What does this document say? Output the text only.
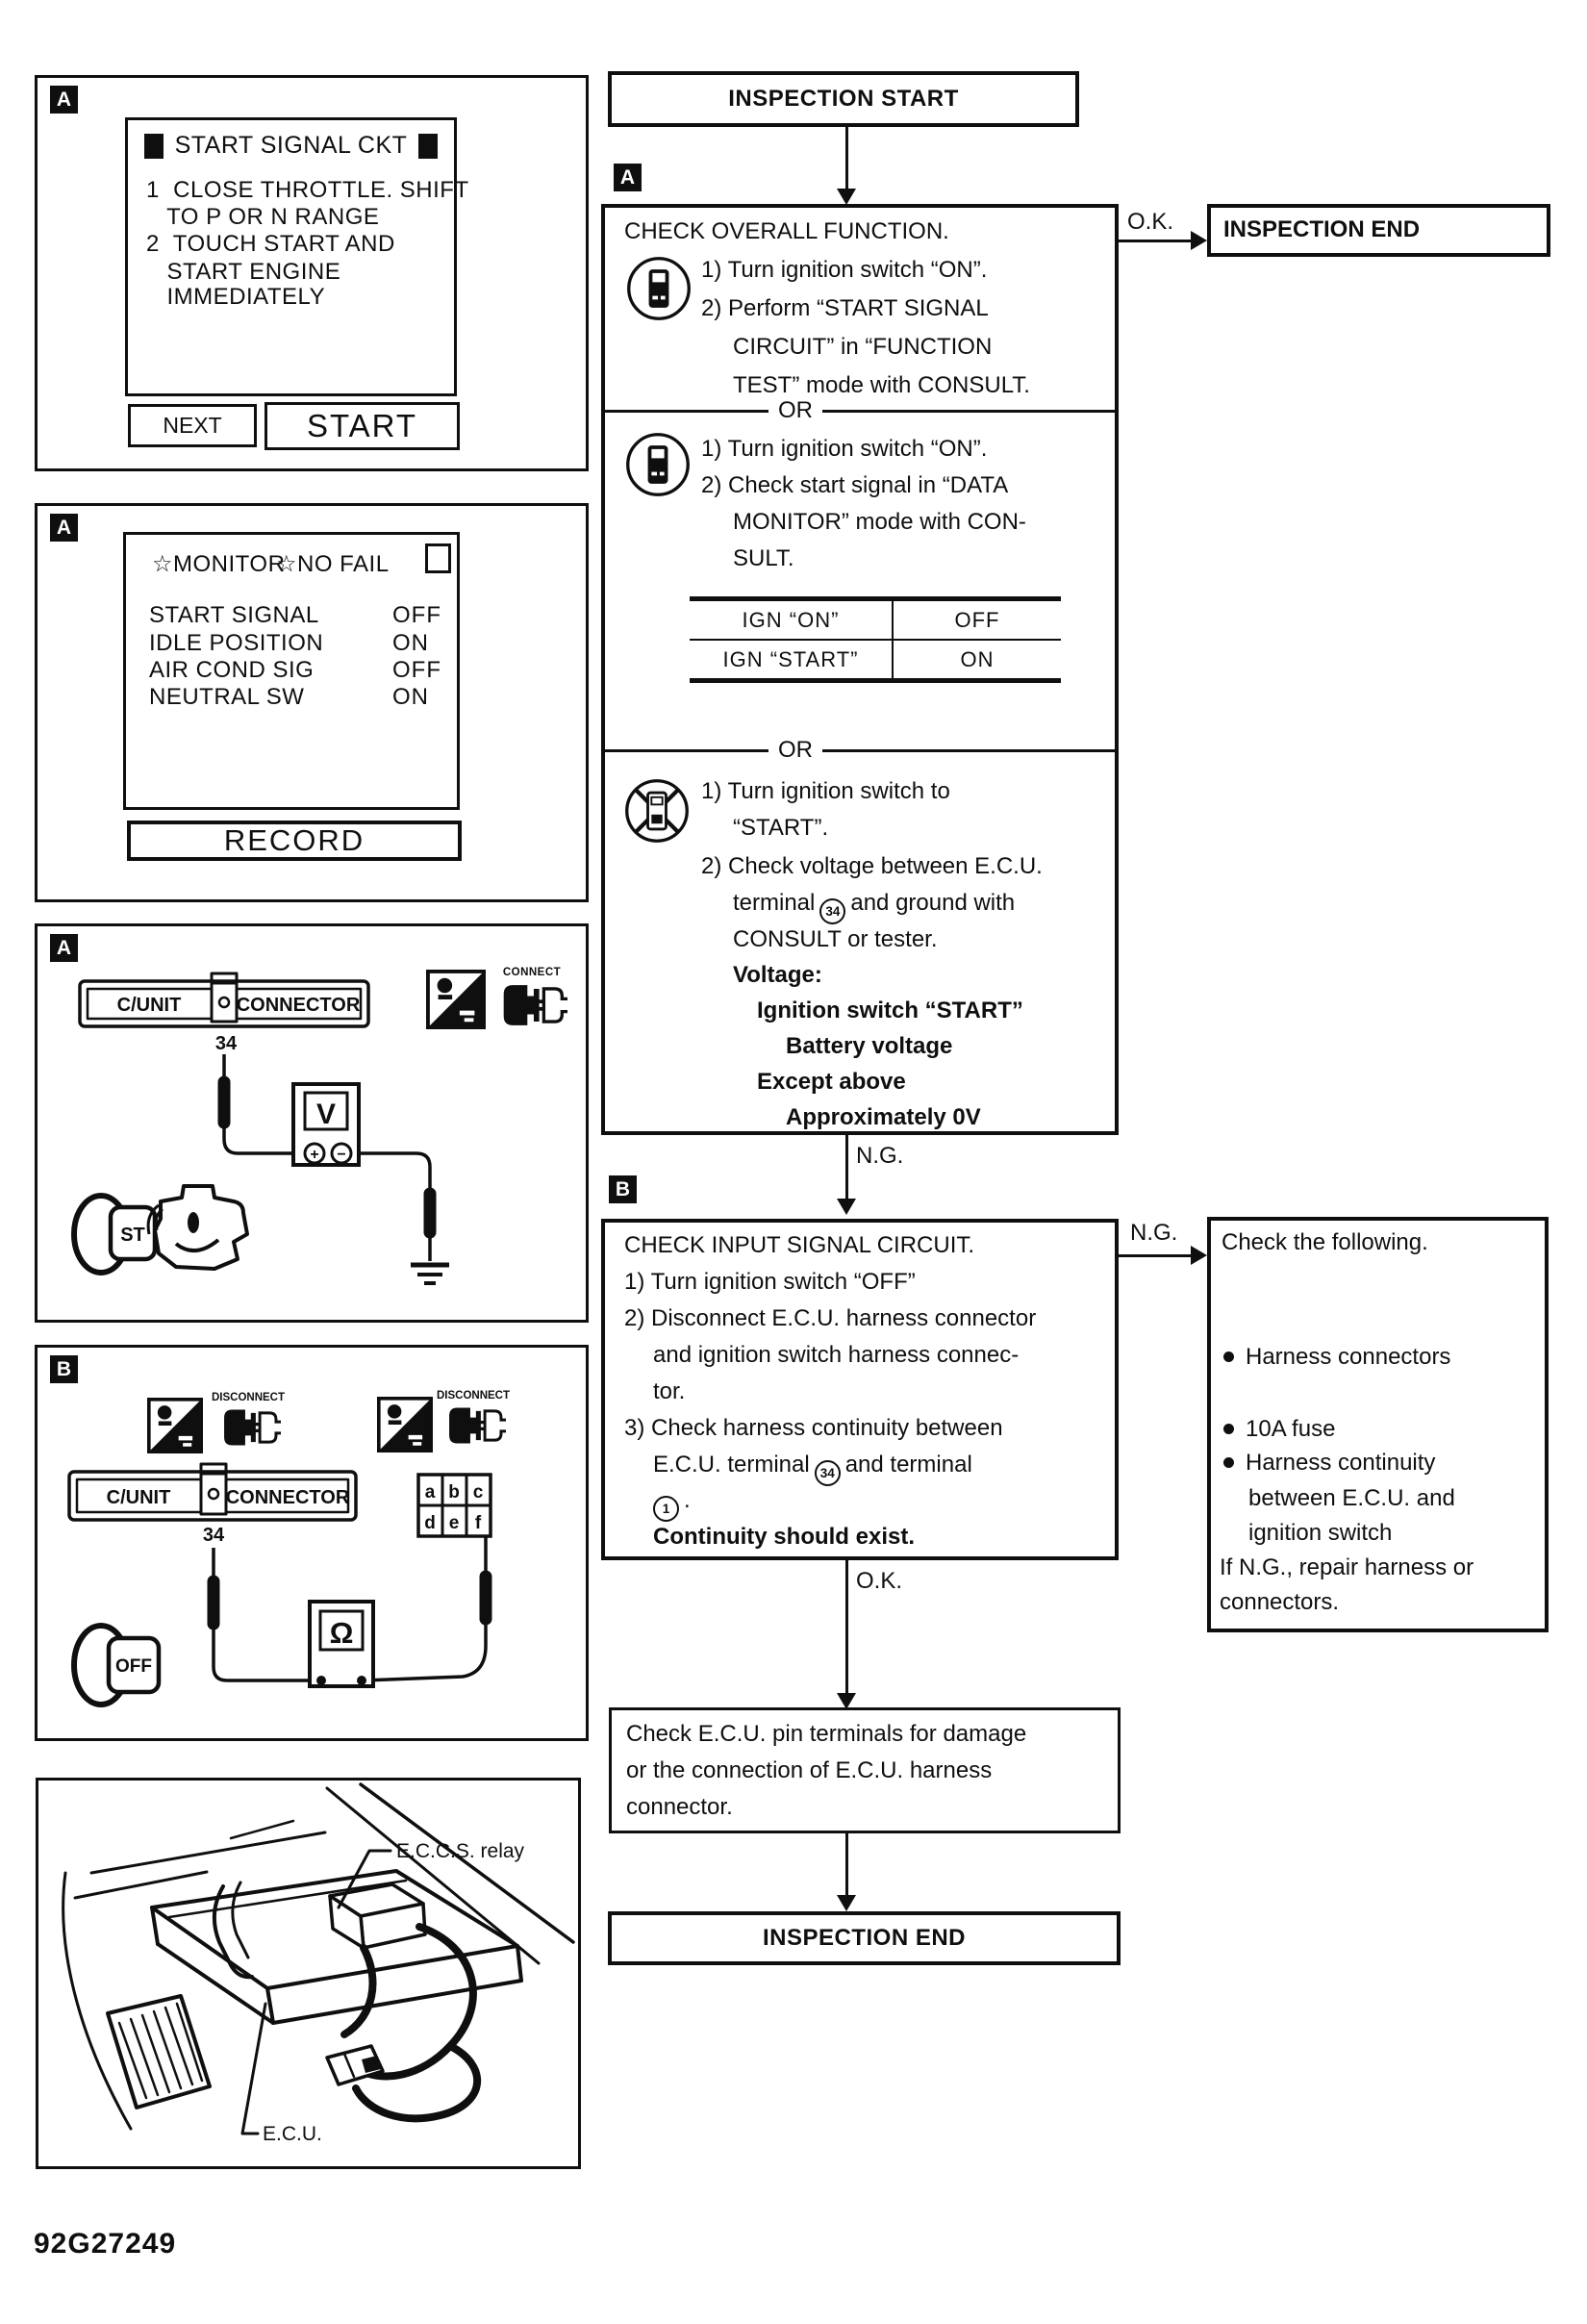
A
START SIGNAL CKT
1  CLOSE THROTTLE. SHIFT
TO P OR N RANGE
2  TOUCH START AND
START ENGINE
IMMEDIATELY
NEXT	START
A
☆MONITOR
☆NO FAIL
START SIGNAL	OFF
IDLE POSITION	ON
AIR COND SIG	OFF
NEUTRAL SW	ON
RECORD
A
C/UNIT	CONNECTOR
34
CONNECT
V
+ −
ST
B
DISCONNECT	DISCONNECT
C/UNIT	CONNECTOR
34
a b c
d e f
Ω
OFF
E.C.C.S. relay
E.C.U.
92G27249
INSPECTION START
A
CHECK OVERALL FUNCTION.
1) Turn ignition switch “ON”.
2) Perform “START SIGNAL
CIRCUIT” in “FUNCTION
TEST” mode with CONSULT.
OR
1) Turn ignition switch “ON”.
2) Check start signal in “DATA
MONITOR” mode with CON-
SULT.
IGN “ON”	OFF
IGN “START”	ON
OR
1) Turn ignition switch to
“START”.
2) Check voltage between E.C.U.
terminal 34 and ground with
CONSULT or tester.
Voltage:
Ignition switch “START”
Battery voltage
Except above
Approximately 0V
O.K. INSPECTION END
N.G.
B
CHECK INPUT SIGNAL CIRCUIT.
1) Turn ignition switch “OFF”
2) Disconnect E.C.U. harness connector
and ignition switch harness connec-
tor.
3) Check harness continuity between
E.C.U. terminal 34 and terminal
1 .
Continuity should exist.
N.G. Check the following.
Harness connectors
10A fuse
Harness continuity
between E.C.U. and
ignition switch
If N.G., repair harness or
connectors.
O.K.
Check E.C.U. pin terminals for damage
or the connection of E.C.U. harness
connector.
INSPECTION END
